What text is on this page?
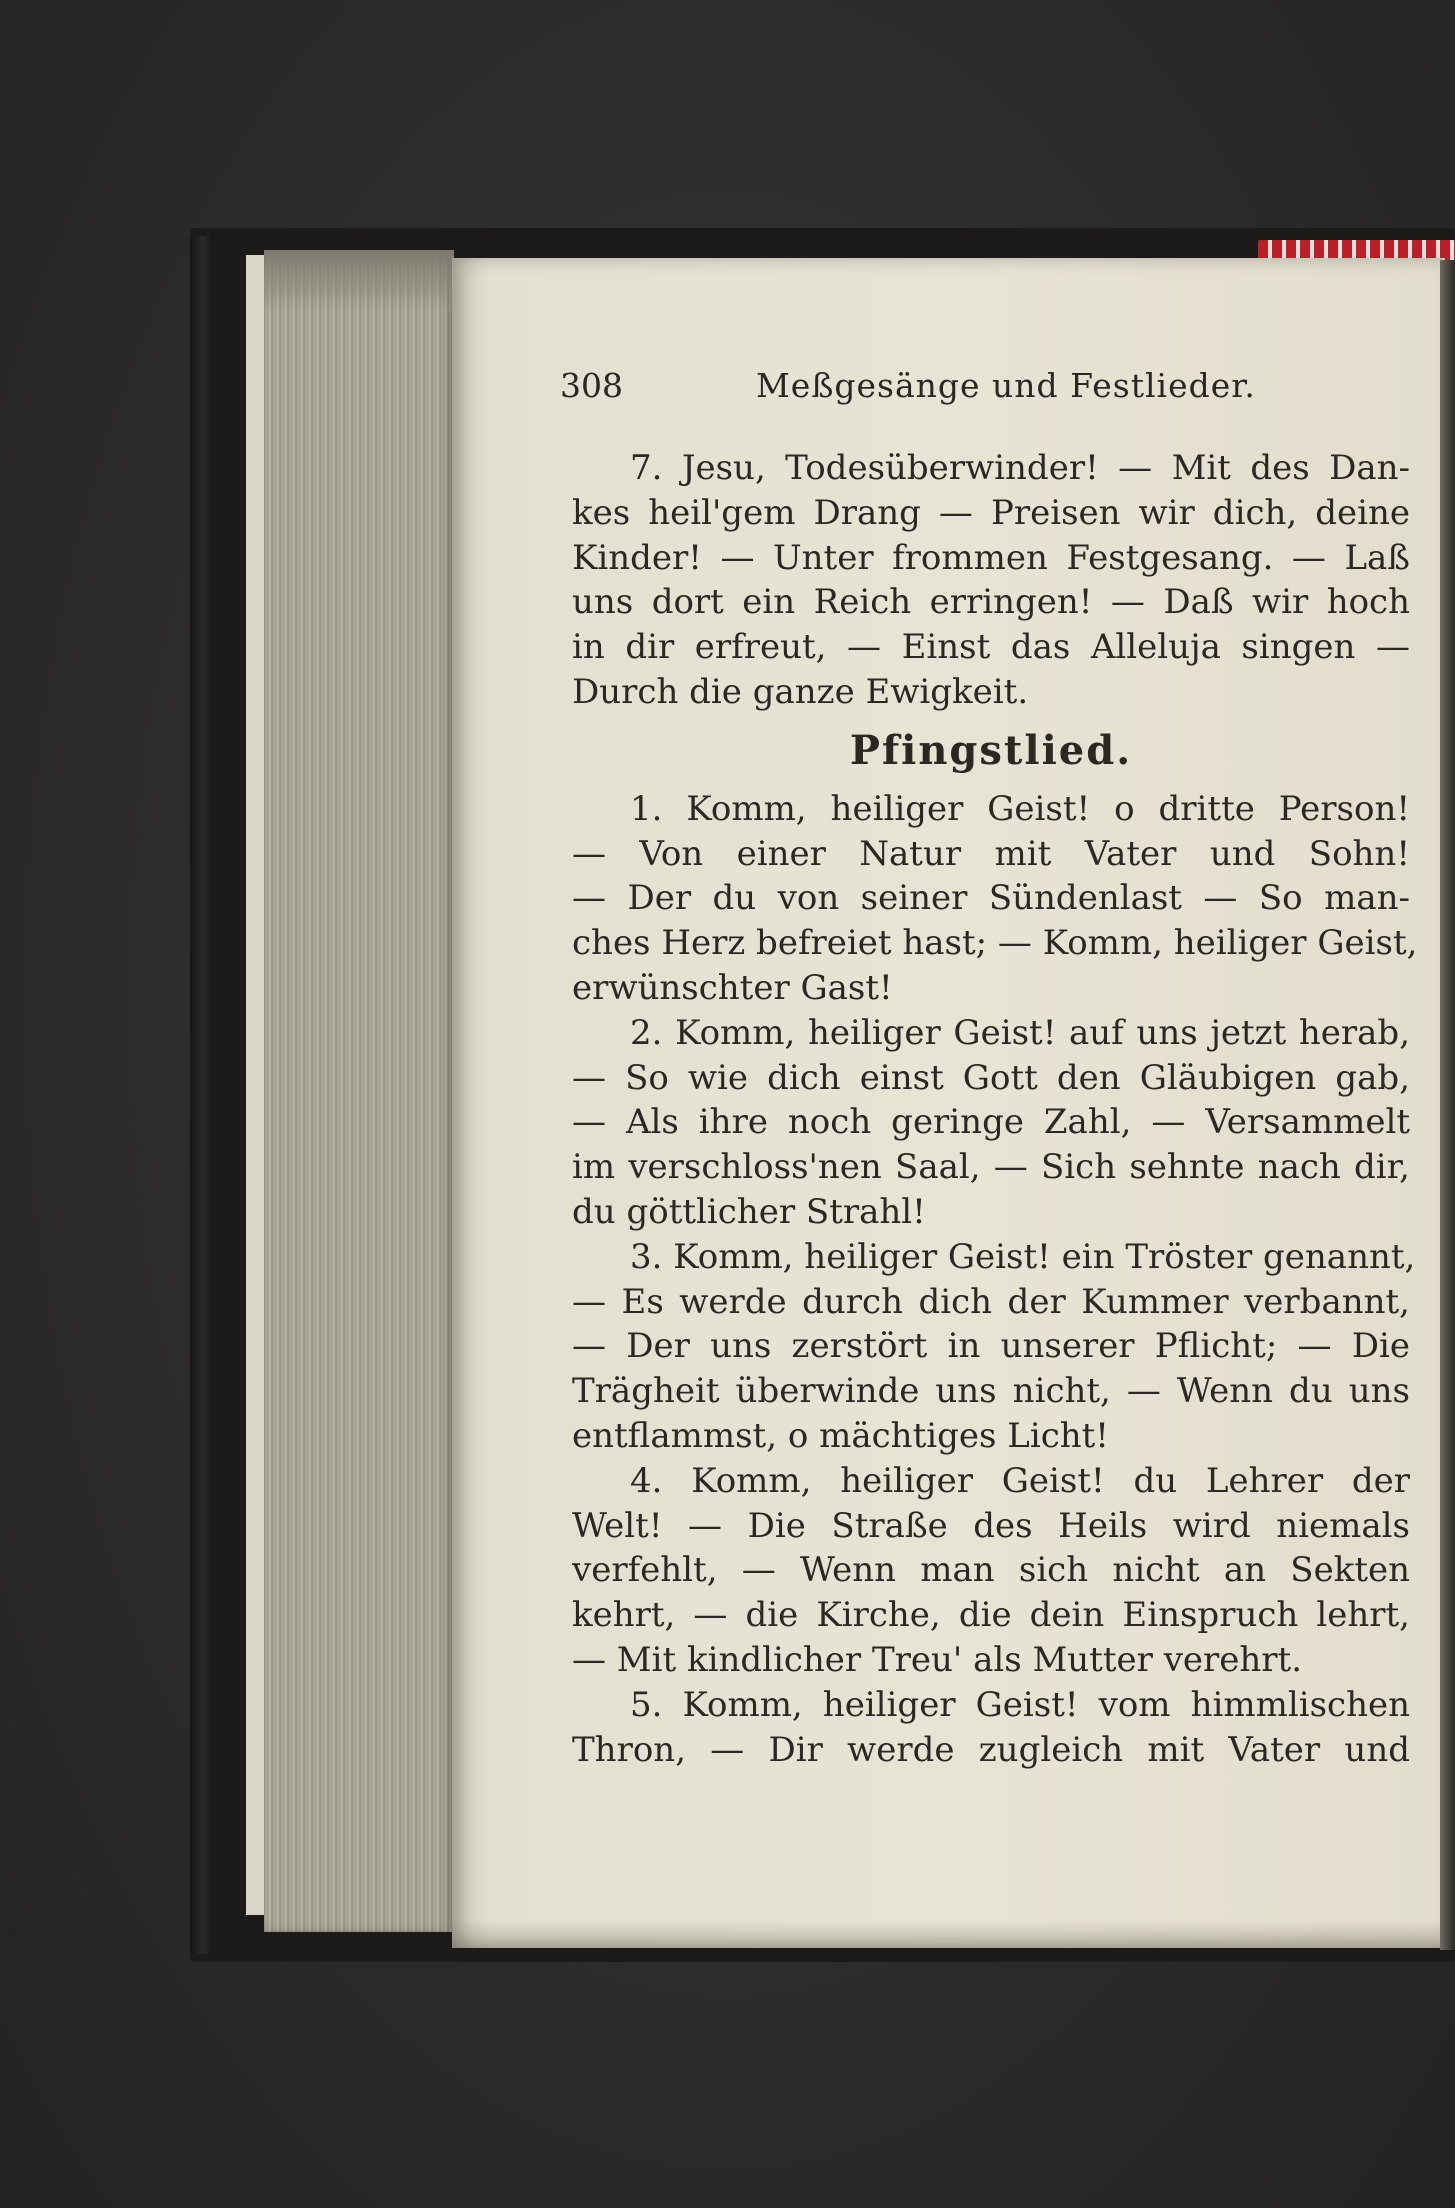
308	Meßgesänge und Festlieder.
7. Jesu, Todesüberwinder! — Mit des Dan-
kes heil'gem Drang — Preisen wir dich, deine
Kinder! — Unter frommen Festgesang. — Laß
uns dort ein Reich erringen! — Daß wir hoch
in dir erfreut, — Einst das Alleluja singen —
Durch die ganze Ewigkeit.
Pfingstlied.
1. Komm, heiliger Geist! o dritte Person!
— Von einer Natur mit Vater und Sohn!
— Der du von seiner Sündenlast — So man-
ches Herz befreiet hast; — Komm, heiliger Geist,
erwünschter Gast!
2. Komm, heiliger Geist! auf uns jetzt herab,
— So wie dich einst Gott den Gläubigen gab,
— Als ihre noch geringe Zahl, — Versammelt
im verschloss'nen Saal, — Sich sehnte nach dir,
du göttlicher Strahl!
3. Komm, heiliger Geist! ein Tröster genannt,
— Es werde durch dich der Kummer verbannt,
— Der uns zerstört in unserer Pflicht; — Die
Trägheit überwinde uns nicht, — Wenn du uns
entflammst, o mächtiges Licht!
4. Komm, heiliger Geist! du Lehrer der
Welt! — Die Straße des Heils wird niemals
verfehlt, — Wenn man sich nicht an Sekten
kehrt, — die Kirche, die dein Einspruch lehrt,
— Mit kindlicher Treu' als Mutter verehrt.
5. Komm, heiliger Geist! vom himmlischen
Thron, — Dir werde zugleich mit Vater und
